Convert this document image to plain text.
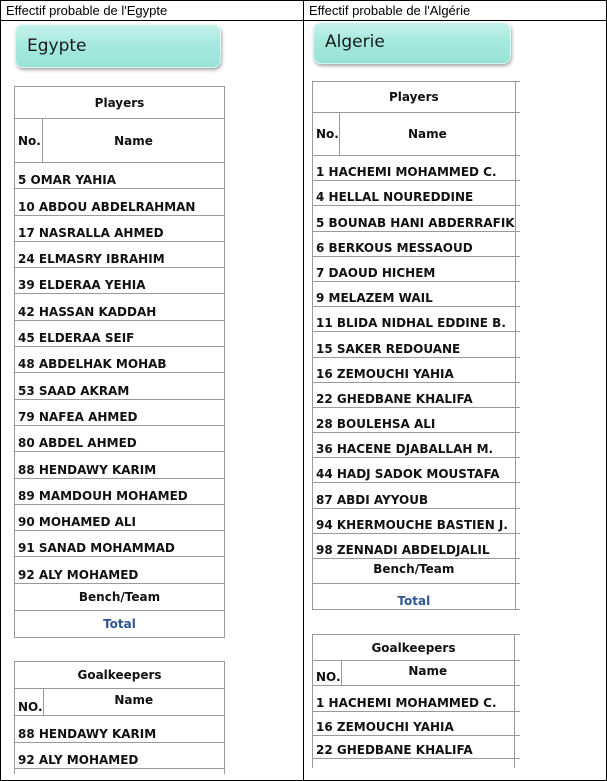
Effectif probable de l'Egypte	Effectif probable de l'Algérie
Egypte	Algerie
Players
No.	Name
5 OMAR YAHIA
10 ABDOU ABDELRAHMAN
17 NASRALLA AHMED
24 ELMASRY IBRAHIM
39 ELDERAA YEHIA
42 HASSAN KADDAH
45 ELDERAA SEIF
48 ABDELHAK MOHAB
53 SAAD AKRAM
79 NAFEA AHMED
80 ABDEL AHMED
88 HENDAWY KARIM
89 MAMDOUH MOHAMED
90 MOHAMED ALI
91 SANAD MOHAMMAD
92 ALY MOHAMED
Bench/Team
Total
Goalkeepers
NO.	Name
88 HENDAWY KARIM
92 ALY MOHAMED

Players		
No.	Name	
1 HACHEMI MOHAMMED C.		
4 HELLAL NOUREDDINE		
5 BOUNAB HANI ABDERRAFIK		
6 BERKOUS MESSAOUD		
7 DAOUD HICHEM		
9 MELAZEM WAIL		
11 BLIDA NIDHAL EDDINE B.		
15 SAKER REDOUANE		
16 ZEMOUCHI YAHIA		
22 GHEDBANE KHALIFA		
28 BOULEHSA ALI		
36 HACENE DJABALLAH M.		
44 HADJ SADOK MOUSTAFA		
87 ABDI AYYOUB		
94 KHERMOUCHE BASTIEN J.		
98 ZENNADI ABDELDJALIL		
Bench/Team		
Total		
Goalkeepers		
NO.	Name	
1 HACHEMI MOHAMMED C.		
16 ZEMOUCHI YAHIA		
22 GHEDBANE KHALIFA		
